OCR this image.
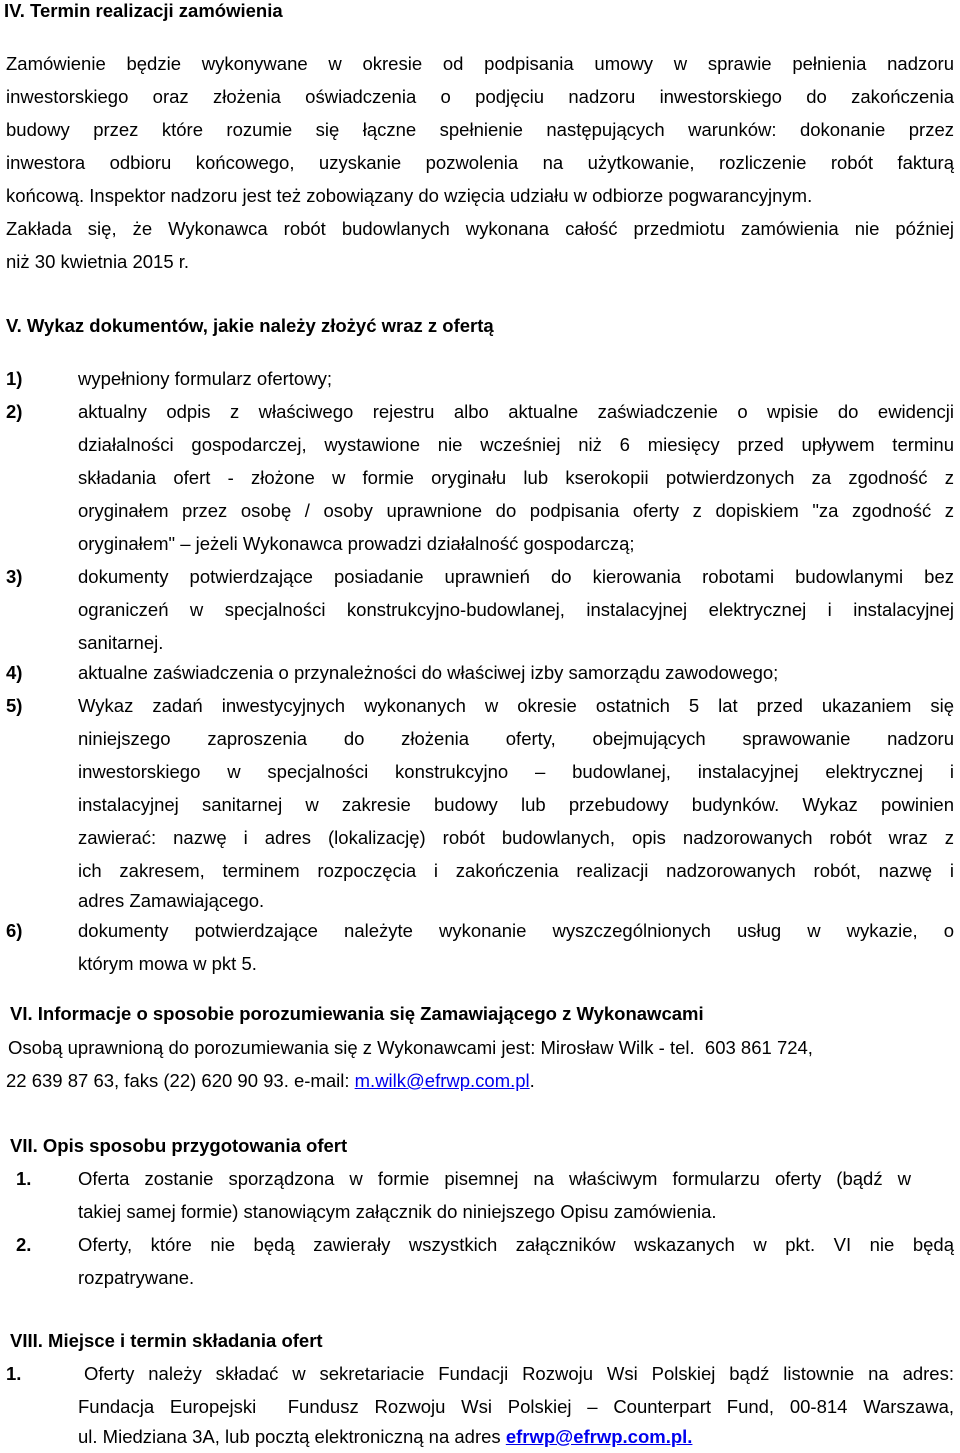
IV. Termin realizacji zamówienia
Zamówienie będzie wykonywane w okresie od podpisania umowy w sprawie pełnienia nadzoru
inwestorskiego oraz złożenia oświadczenia o podjęciu nadzoru inwestorskiego do zakończenia
budowy przez które rozumie się łączne spełnienie następujących warunków: dokonanie przez
inwestora odbioru końcowego, uzyskanie pozwolenia na użytkowanie, rozliczenie robót fakturą
końcową. Inspektor nadzoru jest też zobowiązany do wzięcia udziału w odbiorze pogwarancyjnym.
Zakłada się, że Wykonawca robót budowlanych wykonana całość przedmiotu zamówienia nie później
niż 30 kwietnia 2015 r.
V. Wykaz dokumentów, jakie należy złożyć wraz z ofertą
1)	wypełniony formularz ofertowy;
2)	aktualny odpis z właściwego rejestru albo aktualne zaświadczenie o wpisie do ewidencji
działalności gospodarczej, wystawione nie wcześniej niż 6 miesięcy przed upływem terminu
składania ofert - złożone w formie oryginału lub kserokopii potwierdzonych za zgodność z
oryginałem przez osobę / osoby uprawnione do podpisania oferty z dopiskiem "za zgodność z
oryginałem" – jeżeli Wykonawca prowadzi działalność gospodarczą;
3)	dokumenty potwierdzające posiadanie uprawnień do kierowania robotami budowlanymi bez
ograniczeń w specjalności konstrukcyjno-budowlanej, instalacyjnej elektrycznej i instalacyjnej
sanitarnej.
4)	aktualne zaświadczenia o przynależności do właściwej izby samorządu zawodowego;
5)	Wykaz zadań inwestycyjnych wykonanych w okresie ostatnich 5 lat przed ukazaniem się
niniejszego zaproszenia do złożenia oferty, obejmujących sprawowanie nadzoru
inwestorskiego w specjalności konstrukcyjno – budowlanej, instalacyjnej elektrycznej i
instalacyjnej sanitarnej w zakresie budowy lub przebudowy budynków. Wykaz powinien
zawierać: nazwę i adres (lokalizację) robót budowlanych, opis nadzorowanych robót wraz z
ich zakresem, terminem rozpoczęcia i zakończenia realizacji nadzorowanych robót, nazwę i
adres Zamawiającego.
6)	dokumenty potwierdzające należyte wykonanie wyszczególnionych usług w wykazie, o
którym mowa w pkt 5.
VI. Informacje o sposobie porozumiewania się Zamawiającego z Wykonawcami
Osobą uprawnioną do porozumiewania się z Wykonawcami jest: Mirosław Wilk - tel.  603 861 724,
22 639 87 63, faks (22) 620 90 93. e-mail: m.wilk@efrwp.com.pl.
VII. Opis sposobu przygotowania ofert
1.	Oferta zostanie sporządzona w formie pisemnej na właściwym formularzu oferty (bądź w
takiej samej formie) stanowiącym załącznik do niniejszego Opisu zamówienia.
2.	Oferty, które nie będą zawierały wszystkich załączników wskazanych w pkt. VI nie będą
rozpatrywane.
VIII. Miejsce i termin składania ofert
1.	Oferty należy składać w sekretariacie Fundacji Rozwoju Wsi Polskiej bądź listownie na adres:
Fundacja Europejski  Fundusz Rozwoju Wsi Polskiej – Counterpart Fund, 00-814 Warszawa,
ul. Miedziana 3A, lub pocztą elektroniczną na adres efrwp@efrwp.com.pl.
